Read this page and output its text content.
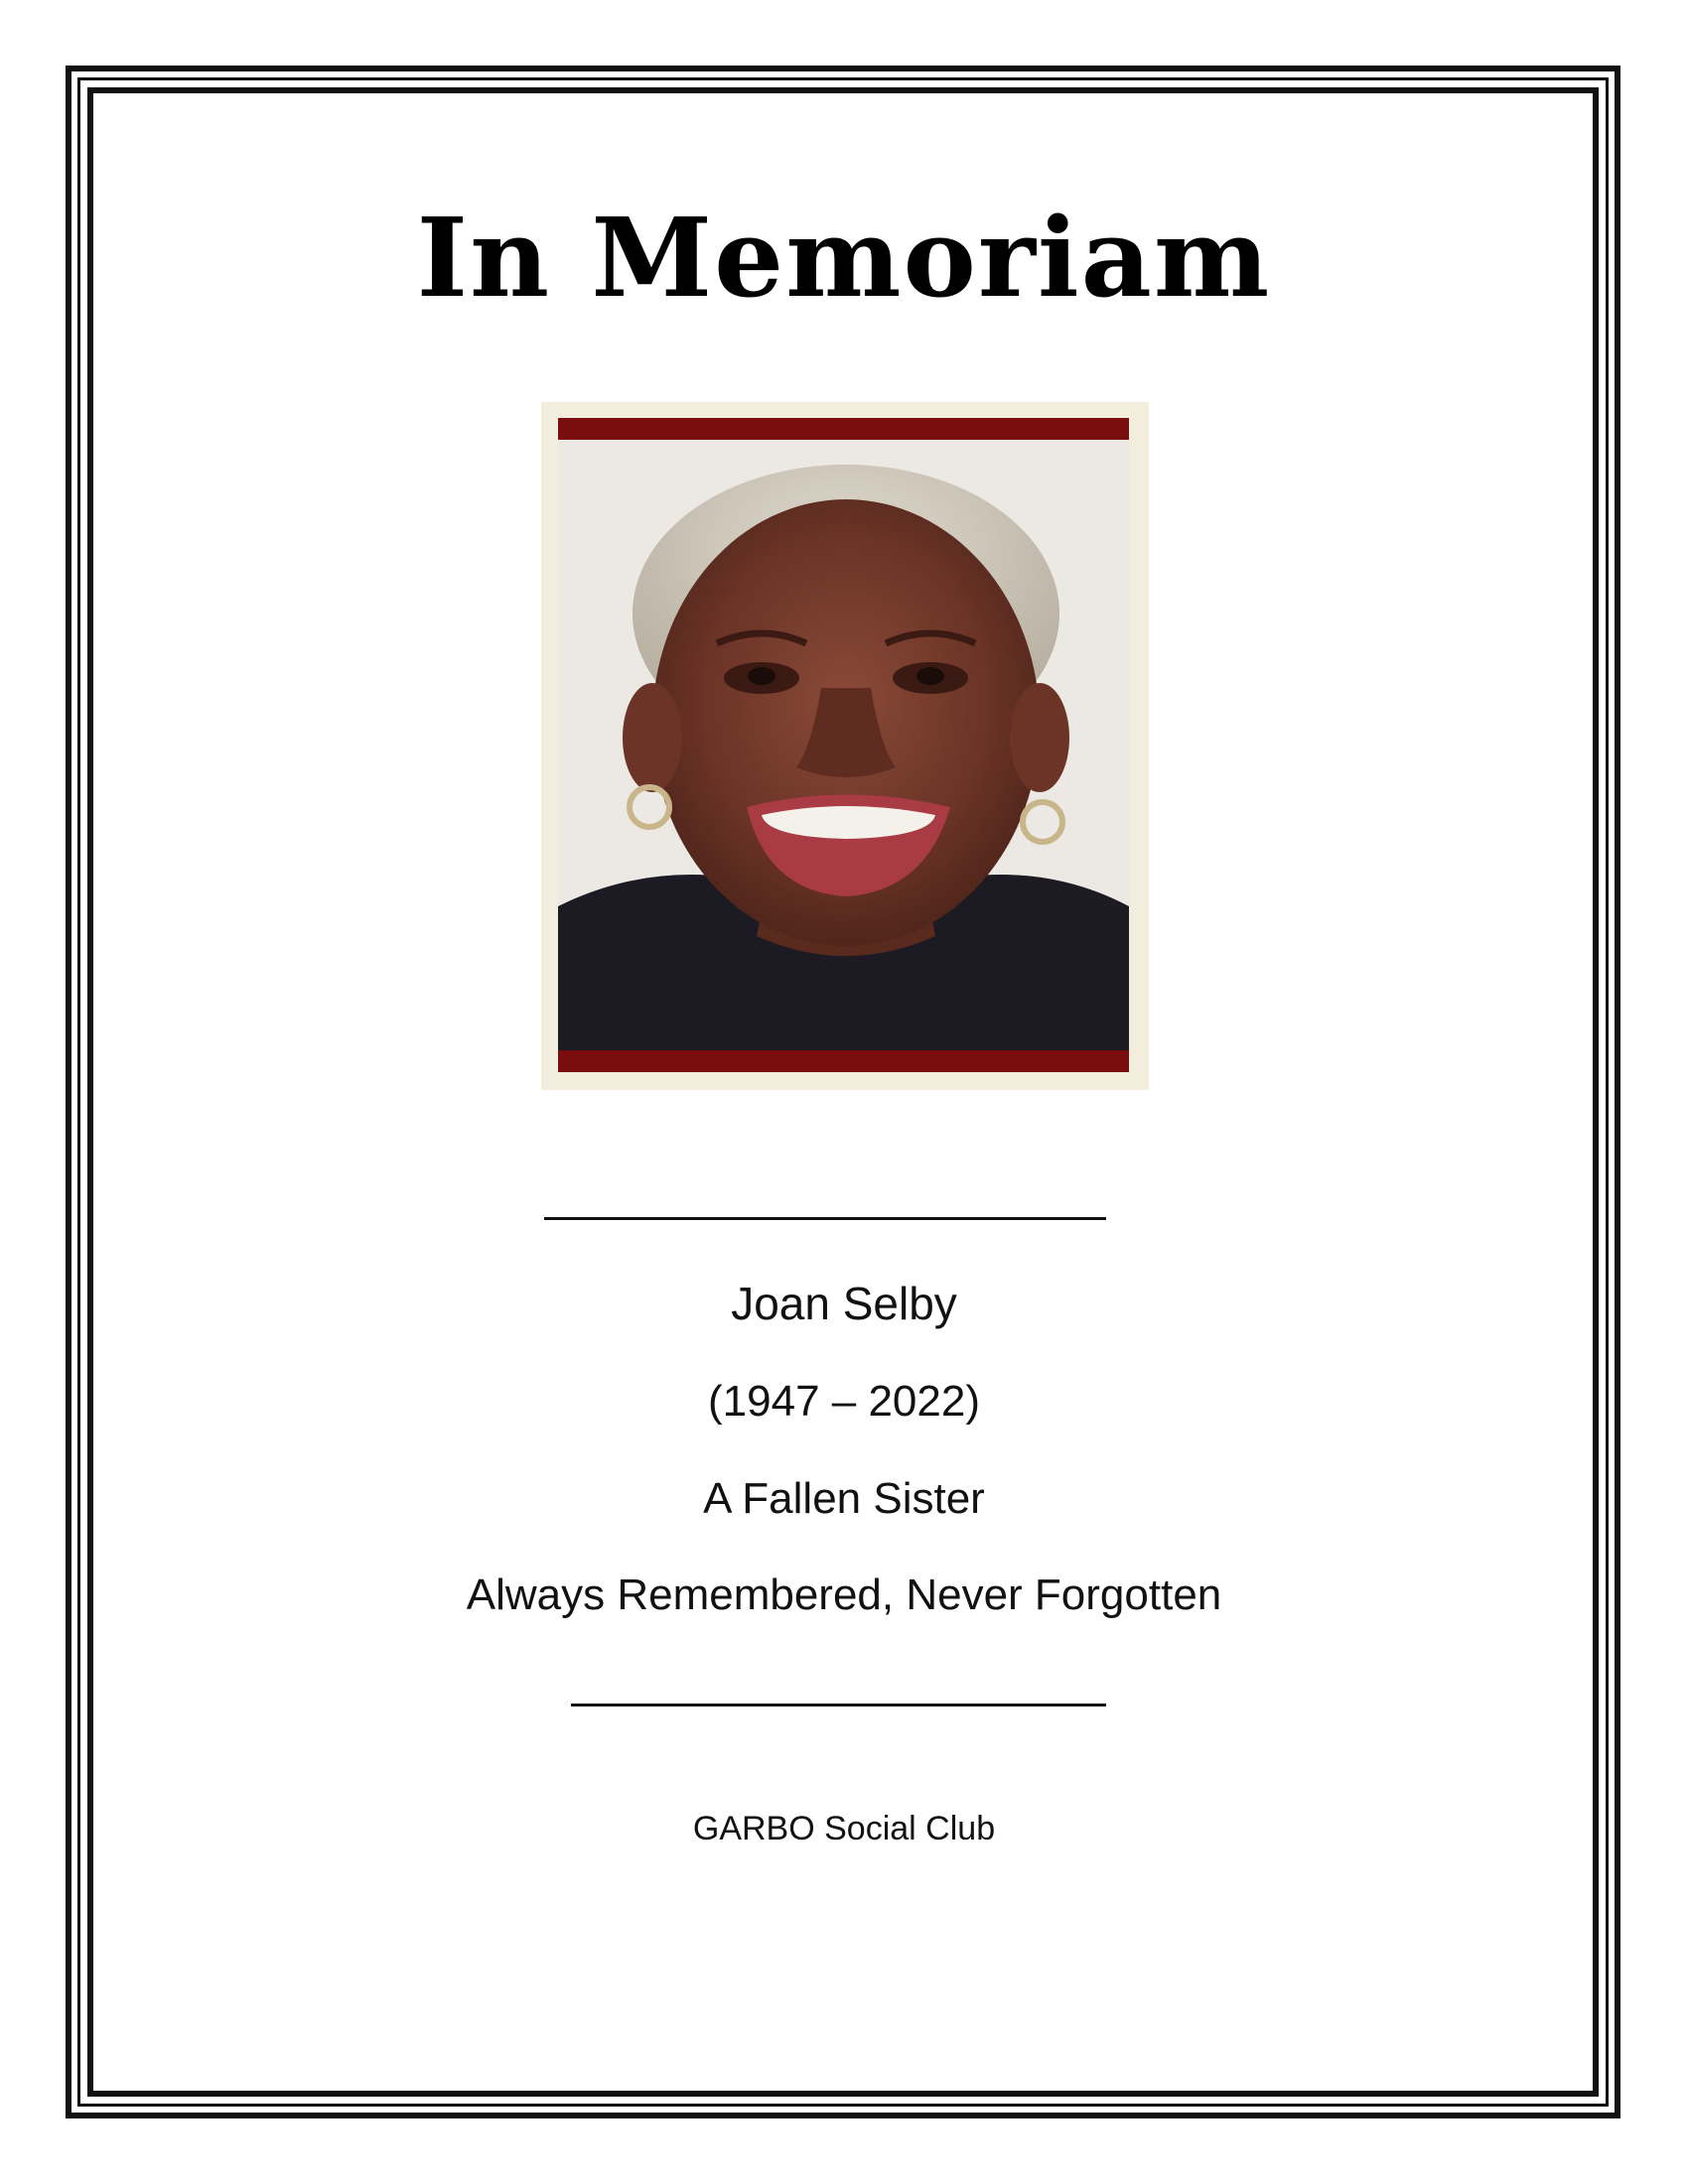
In Memoriam
Joan Selby
(1947 – 2022)
A Fallen Sister
Always Remembered, Never Forgotten
GARBO Social Club
